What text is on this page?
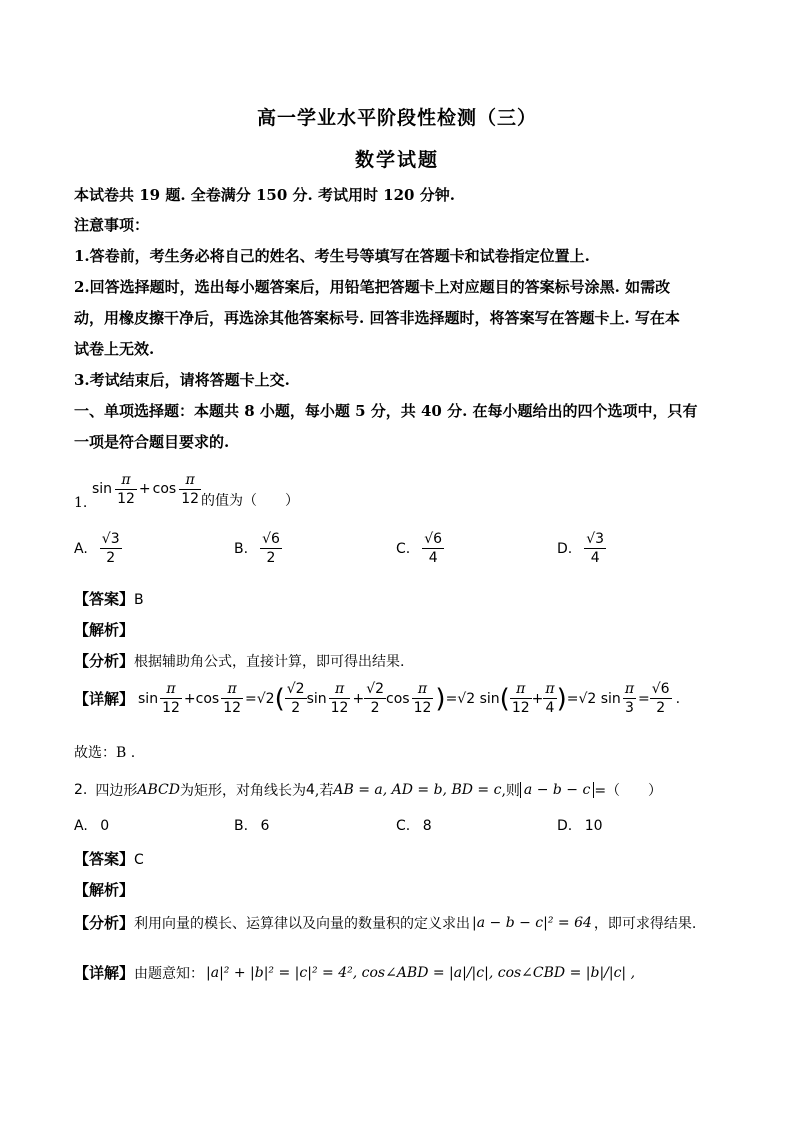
高一学业水平阶段性检测（三）
数学试题
本试卷共 19 题. 全卷满分 150 分. 考试用时 120 分钟.
注意事项：
1.答卷前，考生务必将自己的姓名、考生号等填写在答题卡和试卷指定位置上.
2.回答选择题时，选出每小题答案后，用铅笔把答题卡上对应题目的答案标号涂黑. 如需改
动，用橡皮擦干净后，再选涂其他答案标号. 回答非选择题时，将答案写在答题卡上. 写在本
试卷上无效.
3.考试结束后，请将答题卡上交.
一、单项选择题：本题共 8 小题，每小题 5 分，共 40 分. 在每小题给出的四个选项中，只有
一项是符合题目要求的.
1.
$\sin \frac{\pi}{12} + \cos \frac{\pi}{12}$ 的值为（　　）
A. $\frac{√3}{2}$	B. $\frac{√6}{2}$	C. $\frac{√6}{4}$	D. $\frac{√3}{4}$
【答案】B
【解析】
【分析】根据辅助角公式，直接计算，即可得出结果.
【详解】 $\sin \frac{\pi}{12} +\cos \frac{\pi}{12} =√2$ ( $\frac{√2}{2}$ $\sin \frac{\pi}{12} + \frac{√2}{2}$ $\cos \frac{\pi}{12}$ ) =√2 sin ( $\frac{\pi}{12} + \frac{\pi}{4}$ ) =√2 $\sin \frac{\pi}{3} = \frac{√6}{2}$ .
故选：B .
2. 四边形 ABCD 为矩形，对角线长为 4 ,若 AB = a, AD = b, BD = c ,则 a − b − c =（　　）
A. 0	B. 6	C. 8	D. 10
【答案】C
【解析】
【分析】 利用向量的模长、运算律以及向量的数量积的定义求出 |a − b − c|² = 64 ，即可求得结果.
【详解】 由题意知： |a|² + |b|² = |c|² = 4², cos∠ABD = |a|/|c|, cos∠CBD = |b|/|c| ,
